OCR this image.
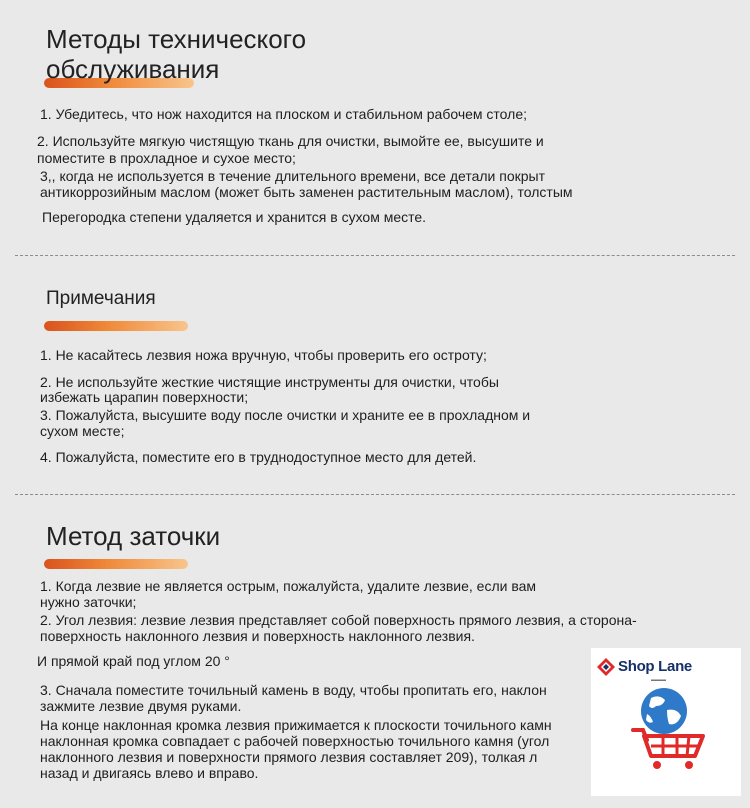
Методы технического
обслуживания
1. Убедитесь, что нож находится на плоском и стабильном рабочем столе;
2. Используйте мягкую чистящую ткань для очистки, вымойте ее, высушите и
поместите в прохладное и сухое место;
3,, когда не используется в течение длительного времени, все детали покрыт
антикоррозийным маслом (может быть заменен растительным маслом), толстым
Перегородка степени удаляется и хранится в сухом месте.
Примечания
1. Не касайтесь лезвия ножа вручную, чтобы проверить его остроту;
2. Не используйте жесткие чистящие инструменты для очистки, чтобы
избежать царапин поверхности;
3. Пожалуйста, высушите воду после очистки и храните ее в прохладном и
сухом месте;
4. Пожалуйста, поместите его в труднодоступное место для детей.
Метод заточки
1. Когда лезвие не является острым, пожалуйста, удалите лезвие, если вам
нужно заточки;
2. Угол лезвия: лезвие лезвия представляет собой поверхность прямого лезвия, а сторона-
поверхность наклонного лезвия и поверхность наклонного лезвия.
И прямой край под углом 20 °
3. Сначала поместите точильный камень в воду, чтобы пропитать его, наклон
зажмите лезвие двумя руками.
На конце наклонная кромка лезвия прижимается к плоскости точильного камн
наклонная кромка совпадает с рабочей поверхностью точильного камня (угол
наклонного лезвия и поверхности прямого лезвия составляет 209), толкая л
назад и двигаясь влево и вправо.
Shop Lane
▬▬▬
